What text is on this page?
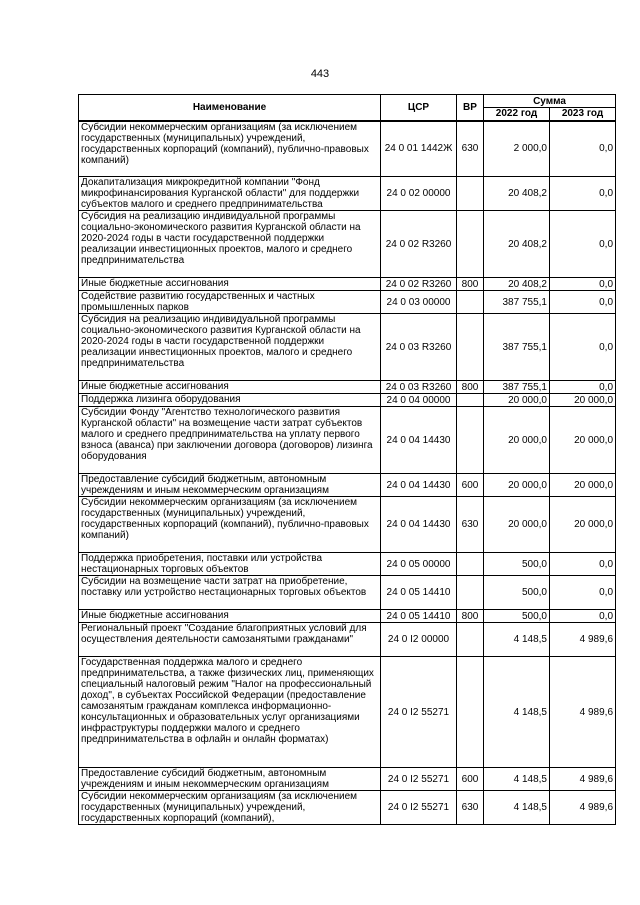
443
Наименование	ЦСР	ВР	Сумма	
			2022 год	2023 год
Субсидии некоммерческим организациям (за исключением государственных (муниципальных) учреждений, государственных корпораций (компаний), публично-правовых компаний)	24 0 01 1442Ж	630	2 000,0	0,0
Докапитализация микрокредитной компании "Фонд микрофинансирования Курганской области" для поддержки субъектов малого и среднего предпринимательства	24 0 02 00000		20 408,2	0,0
Субсидия на реализацию индивидуальной программы социально-экономического развития Курганской области на 2020-2024 годы в части государственной поддержки реализации инвестиционных проектов, малого и среднего предпринимательства	24 0 02 R3260		20 408,2	0,0
Иные бюджетные ассигнования	24 0 02 R3260	800	20 408,2	0,0
Содействие развитию государственных и частных промышленных парков	24 0 03 00000		387 755,1	0,0
Субсидия на реализацию индивидуальной программы социально-экономического развития Курганской области на 2020-2024 годы в части государственной поддержки реализации инвестиционных проектов, малого и среднего предпринимательства	24 0 03 R3260		387 755,1	0,0
Иные бюджетные ассигнования	24 0 03 R3260	800	387 755,1	0,0
Поддержка лизинга оборудования	24 0 04 00000		20 000,0	20 000,0
Субсидии Фонду "Агентство технологического развития Курганской области" на возмещение части затрат субъектов малого и среднего предпринимательства на уплату первого взноса (аванса) при заключении договора (договоров) лизинга оборудования	24 0 04 14430		20 000,0	20 000,0
Предоставление субсидий бюджетным, автономным учреждениям и иным некоммерческим организациям	24 0 04 14430	600	20 000,0	20 000,0
Субсидии некоммерческим организациям (за исключением государственных (муниципальных) учреждений, государственных корпораций (компаний), публично-правовых компаний)	24 0 04 14430	630	20 000,0	20 000,0
Поддержка приобретения, поставки или устройства нестационарных торговых объектов	24 0 05 00000		500,0	0,0
Субсидии на возмещение части затрат на приобретение, поставку или устройство нестационарных торговых объектов	24 0 05 14410		500,0	0,0
Иные бюджетные ассигнования	24 0 05 14410	800	500,0	0,0
Региональный проект "Создание благоприятных условий для осуществления деятельности самозанятыми гражданами"	24 0 I2 00000		4 148,5	4 989,6
Государственная поддержка малого и среднего предпринимательства, а также физических лиц, применяющих специальный налоговый режим "Налог на профессиональный доход", в субъектах Российской Федерации (предоставление самозанятым гражданам комплекса информационно-консультационных и образовательных услуг организациями инфраструктуры поддержки малого и среднего предпринимательства в офлайн и онлайн форматах)	24 0 I2 55271		4 148,5	4 989,6
Предоставление субсидий бюджетным, автономным учреждениям и иным некоммерческим организациям	24 0 I2 55271	600	4 148,5	4 989,6
Субсидии некоммерческим организациям (за исключением государственных (муниципальных) учреждений, государственных корпораций (компаний),	24 0 I2 55271	630	4 148,5	4 989,6
